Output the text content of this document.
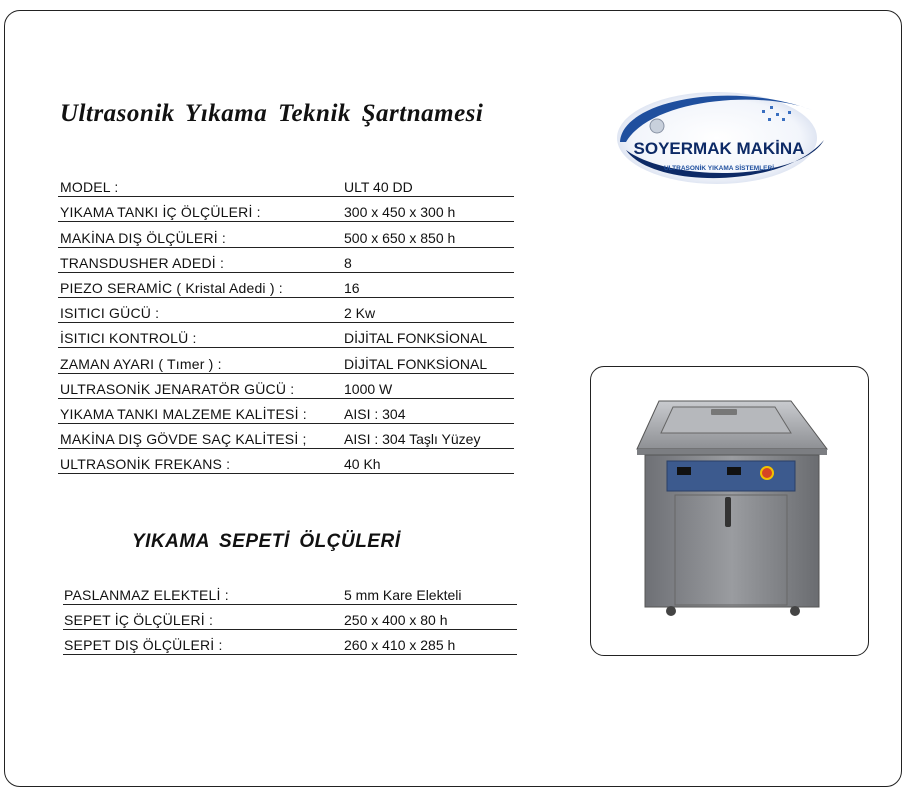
Ultrasonik Yıkama Teknik Şartnamesi
MODEL :	ULT 40 DD
YIKAMA TANKI İÇ ÖLÇÜLERİ :	300 x 450 x 300 h
MAKİNA DIŞ ÖLÇÜLERİ :	500 x 650 x 850 h
TRANSDUSHER ADEDİ :	8
PIEZO SERAMİC ( Kristal Adedi ) :	16
ISITICI GÜCÜ :	2 Kw
İSITICI KONTROLÜ :	DİJİTAL FONKSİONAL
ZAMAN AYARI ( Tımer ) :	DİJİTAL FONKSİONAL
ULTRASONİK JENARATÖR GÜCÜ :	1000 W
YIKAMA TANKI MALZEME KALİTESİ :	AISI : 304
MAKİNA DIŞ GÖVDE SAÇ KALİTESİ ;	AISI : 304 Taşlı Yüzey
ULTRASONİK FREKANS :	40 Kh
YIKAMA SEPETİ ÖLÇÜLERİ
PASLANMAZ ELEKTELİ :	5 mm Kare Elekteli
SEPET İÇ ÖLÇÜLERİ :	250 x 400 x 80 h
SEPET DIŞ ÖLÇÜLERİ :	260 x 410 x 285 h
SOYERMAK MAKİNA
ULTRASONİK YIKAMA SİSTEMLERİ
